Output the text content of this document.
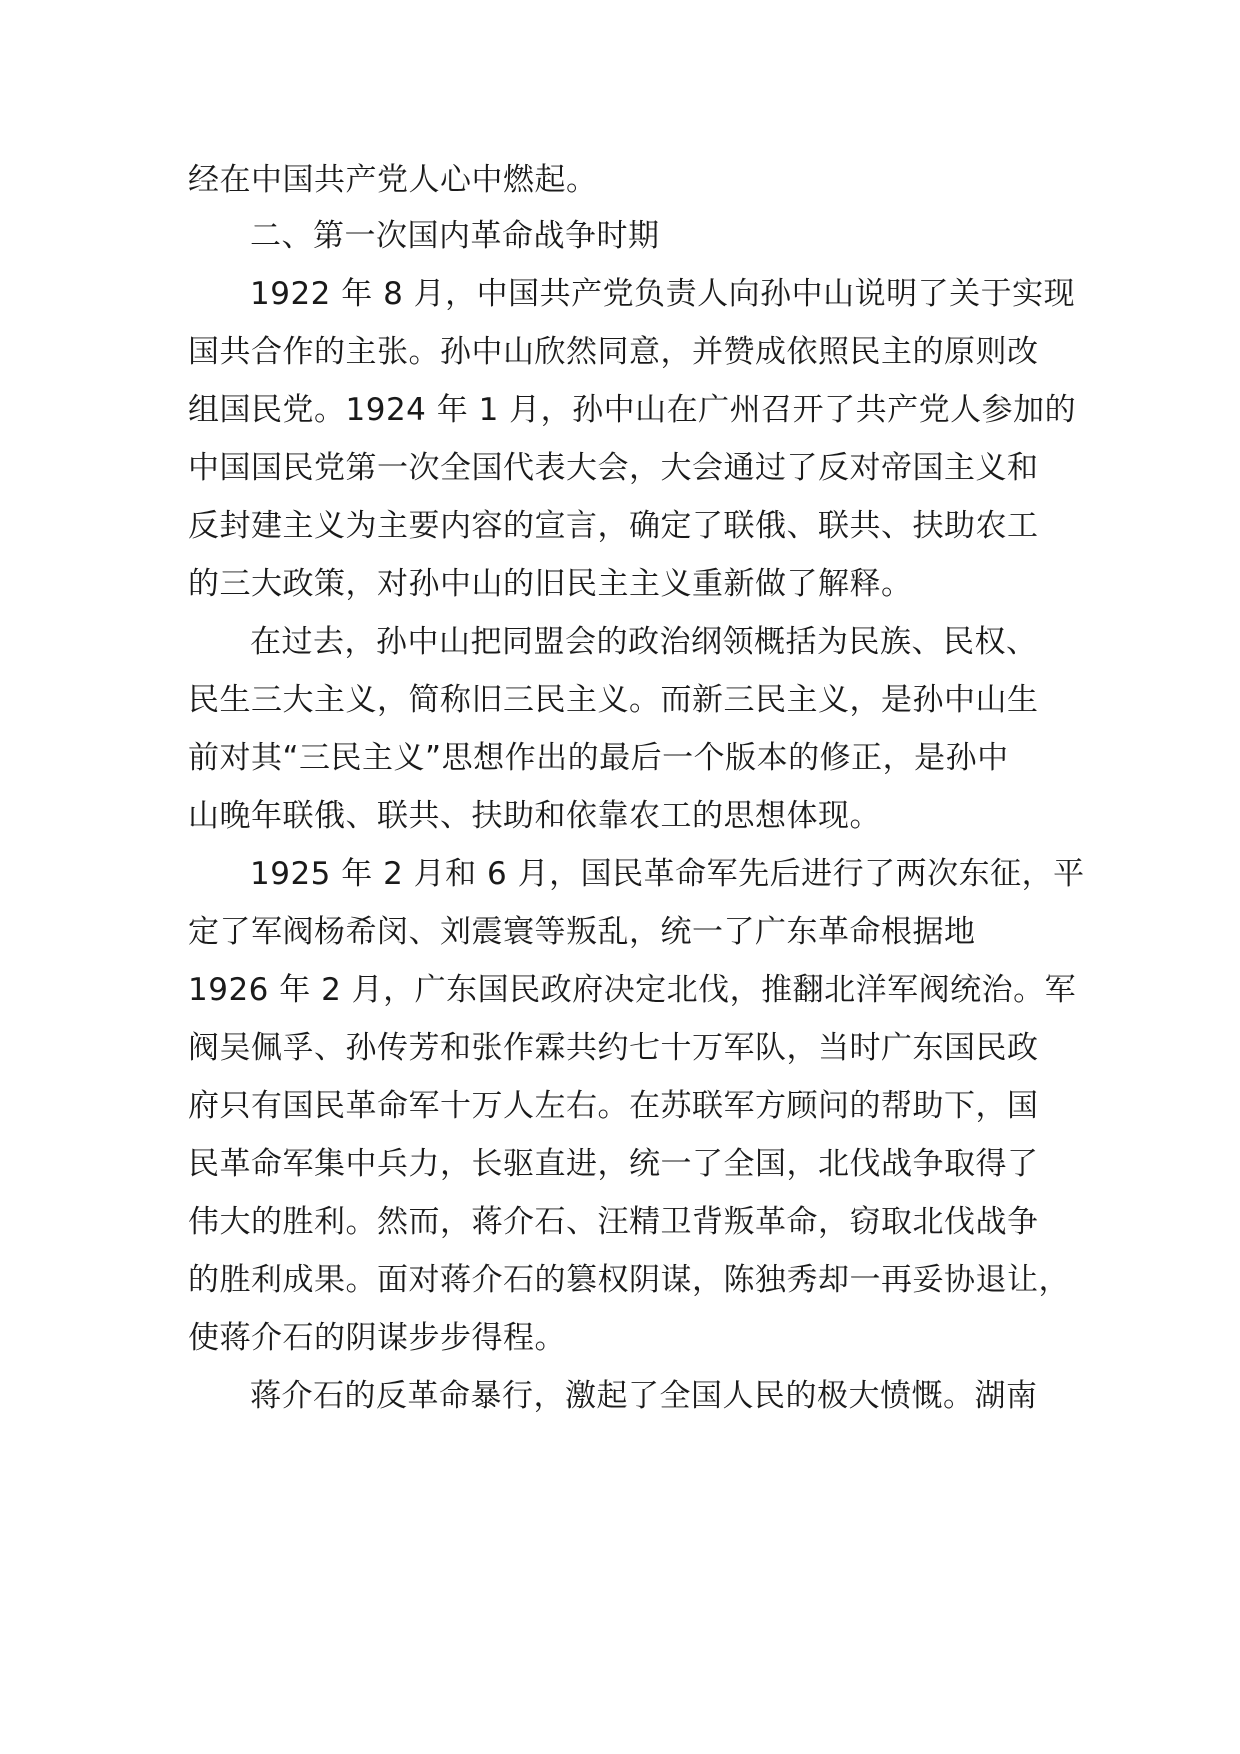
经在中国共产党人心中燃起。
二、第一次国内革命战争时期
1922 年 8 月，中国共产党负责人向孙中山说明了关于实现
国共合作的主张。孙中山欣然同意，并赞成依照民主的原则改
组国民党。1924 年 1 月，孙中山在广州召开了共产党人参加的
中国国民党第一次全国代表大会，大会通过了反对帝国主义和
反封建主义为主要内容的宣言，确定了联俄、联共、扶助农工
的三大政策，对孙中山的旧民主主义重新做了解释。
在过去，孙中山把同盟会的政治纲领概括为民族、民权、
民生三大主义，简称旧三民主义。而新三民主义，是孙中山生
前对其“三民主义”思想作出的最后一个版本的修正，是孙中
山晚年联俄、联共、扶助和依靠农工的思想体现。
1925 年 2 月和 6 月，国民革命军先后进行了两次东征，平
定了军阀杨希闵、刘震寰等叛乱，统一了广东革命根据地
1926 年 2 月，广东国民政府决定北伐，推翻北洋军阀统治。军
阀吴佩孚、孙传芳和张作霖共约七十万军队，当时广东国民政
府只有国民革命军十万人左右。在苏联军方顾问的帮助下，国
民革命军集中兵力，长驱直进，统一了全国，北伐战争取得了
伟大的胜利。然而，蒋介石、汪精卫背叛革命，窃取北伐战争
的胜利成果。面对蒋介石的篡权阴谋，陈独秀却一再妥协退让，
使蒋介石的阴谋步步得程。
蒋介石的反革命暴行，激起了全国人民的极大愤慨。湖南
